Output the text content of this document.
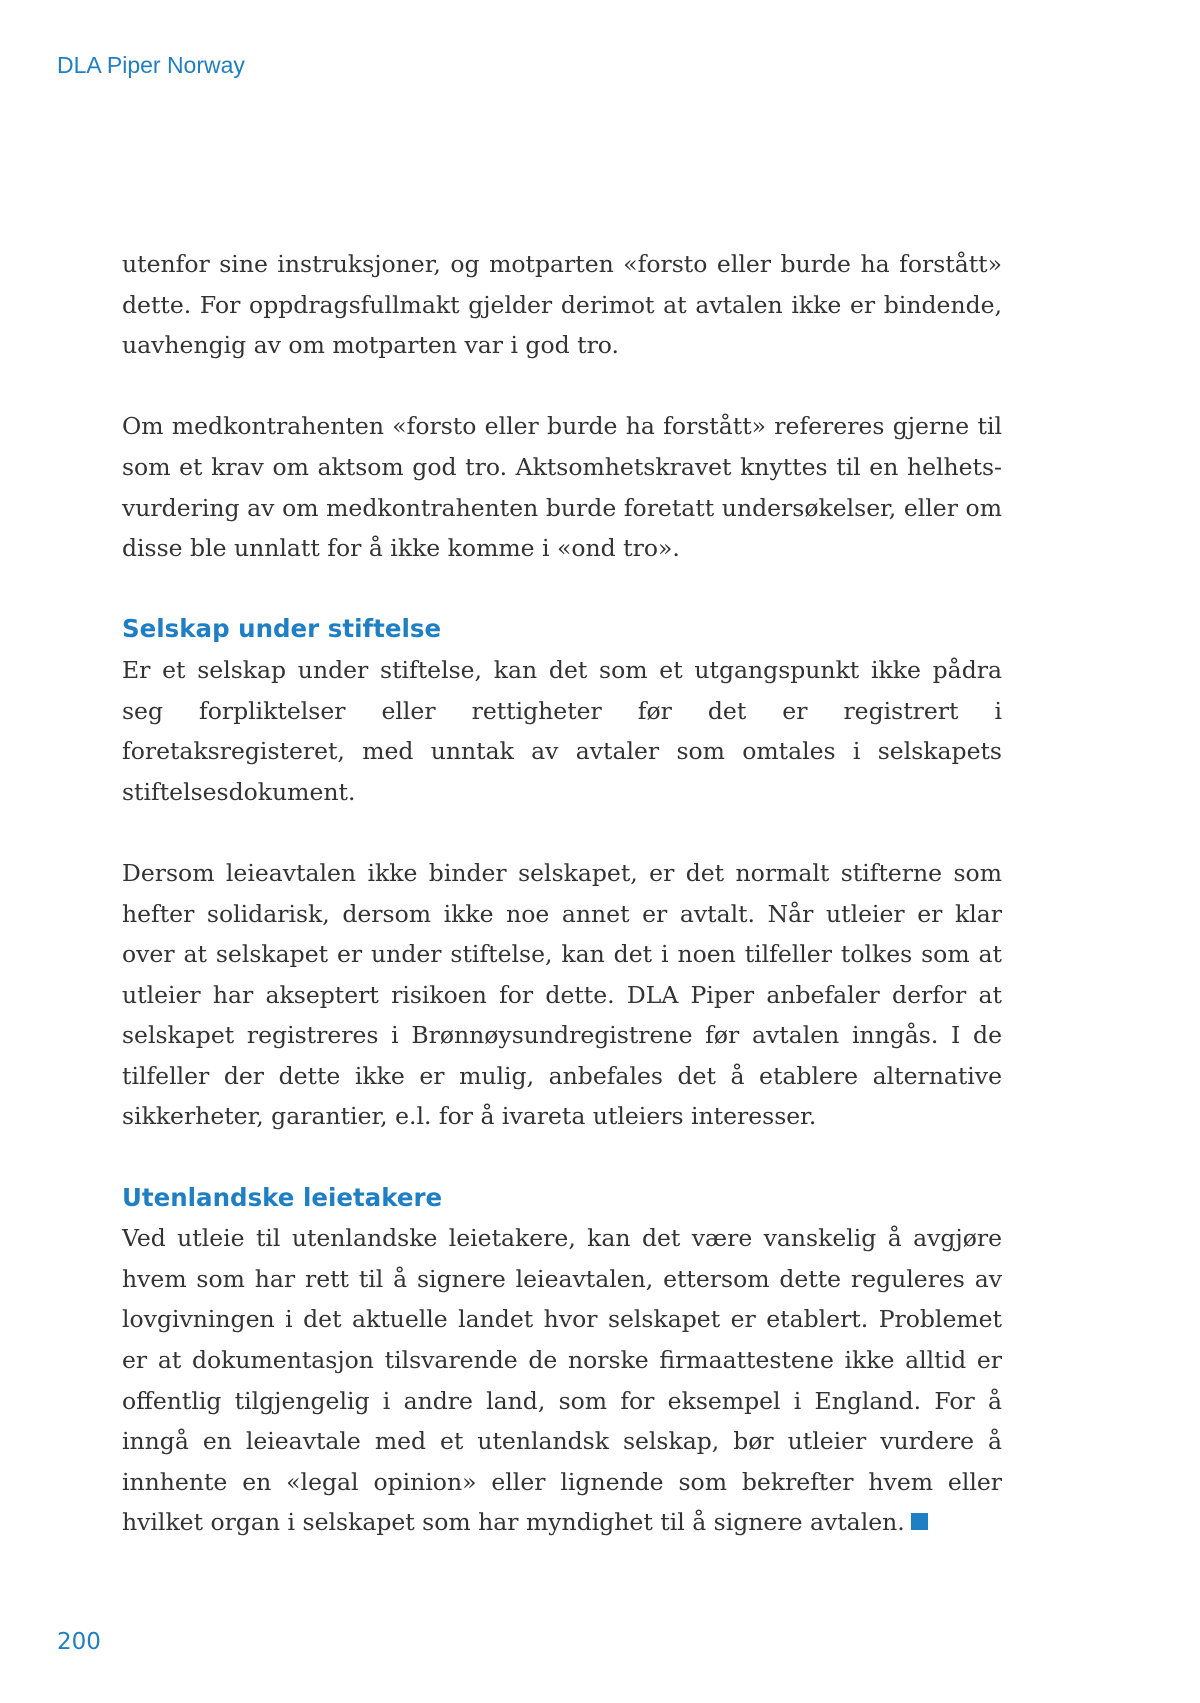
DLA Piper Norway

utenfor sine instruksjoner, og motparten «forsto eller burde ha forstått» dette. For oppdragsfullmakt gjelder derimot at avtalen ikke er bindende, uavhengig av om motparten var i god tro.

Om medkontrahenten «forsto eller burde ha forstått» refereres gjerne til som et krav om aktsom god tro. Aktsomhetskravet knyttes til en helhetsvurdering av om medkontrahenten burde foretatt undersøkelser, eller om disse ble unnlatt for å ikke komme i «ond tro».

Selskap under stiftelse

Er et selskap under stiftelse, kan det som et utgangspunkt ikke pådra seg forpliktelser eller rettigheter før det er registrert i foretaksregisteret, med unntak av avtaler som omtales i selskapets stiftelsesdokument.

Dersom leieavtalen ikke binder selskapet, er det normalt stifterne som hefter solidarisk, dersom ikke noe annet er avtalt. Når utleier er klar over at selskapet er under stiftelse, kan det i noen tilfeller tolkes som at utleier har akseptert risikoen for dette. DLA Piper anbefaler derfor at selskapet registreres i Brønnøysundregistrene før avtalen inngås. I de tilfeller der dette ikke er mulig, anbefales det å etablere alternative sikkerheter, garantier, e.l. for å ivareta utleiers interesser.

Utenlandske leietakere

Ved utleie til utenlandske leietakere, kan det være vanskelig å avgjøre hvem som har rett til å signere leieavtalen, ettersom dette reguleres av lovgivningen i det aktuelle landet hvor selskapet er etablert. Problemet er at dokumentasjon tilsvarende de norske firmaattestene ikke alltid er offentlig tilgjengelig i andre land, som for eksempel i England. For å inngå en leieavtale med et utenlandsk selskap, bør utleier vurdere å innhente en «legal opinion» eller lignende som bekrefter hvem eller hvilket organ i selskapet som har myndighet til å signere avtalen.

200
